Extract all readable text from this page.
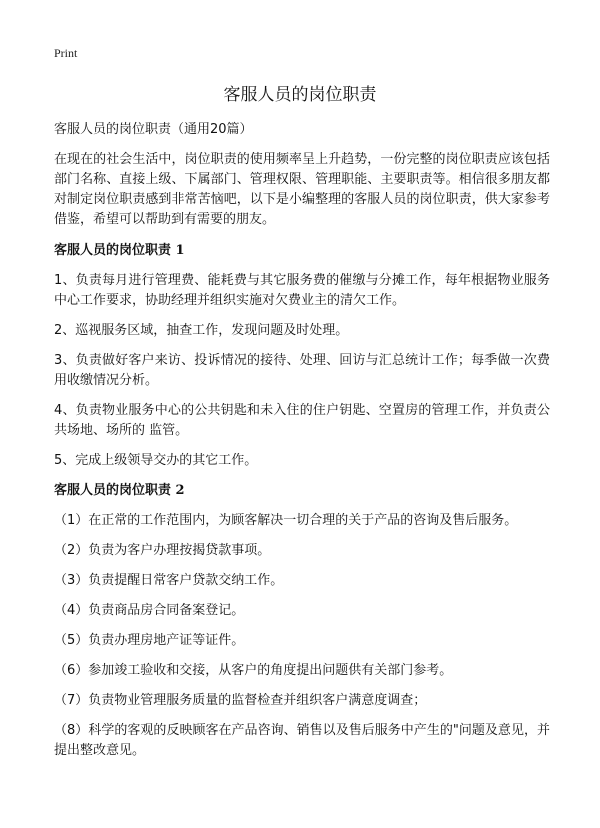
Print
客服人员的岗位职责

客服人员的岗位职责（通用20篇）

在现在的社会生活中，岗位职责的使用频率呈上升趋势，一份完整的岗位职责应该包括部门名称、直接上级、下属部门、管理权限、管理职能、主要职责等。相信很多朋友都对制定岗位职责感到非常苦恼吧，以下是小编整理的客服人员的岗位职责，供大家参考借鉴，希望可以帮助到有需要的朋友。

客服人员的岗位职责 1
1、负责每月进行管理费、能耗费与其它服务费的催缴与分摊工作，每年根据物业服务中心工作要求，协助经理并组织实施对欠费业主的清欠工作。
2、巡视服务区域，抽查工作，发现问题及时处理。
3、负责做好客户来访、投诉情况的接待、处理、回访与汇总统计工作；每季做一次费用收缴情况分析。
4、负责物业服务中心的公共钥匙和未入住的住户钥匙、空置房的管理工作，并负责公共场地、场所的 监管。
5、完成上级领导交办的其它工作。
客服人员的岗位职责 2
（1）在正常的工作范围内，为顾客解决一切合理的关于产品的咨询及售后服务。
（2）负责为客户办理按揭贷款事项。
（3）负责提醒日常客户贷款交纳工作。
（4）负责商品房合同备案登记。
（5）负责办理房地产证等证件。
（6）参加竣工验收和交接，从客户的角度提出问题供有关部门参考。
（7）负责物业管理服务质量的监督检查并组织客户满意度调查；
（8）科学的客观的反映顾客在产品咨询、销售以及售后服务中产生的"问题及意见，并提出整改意见。
